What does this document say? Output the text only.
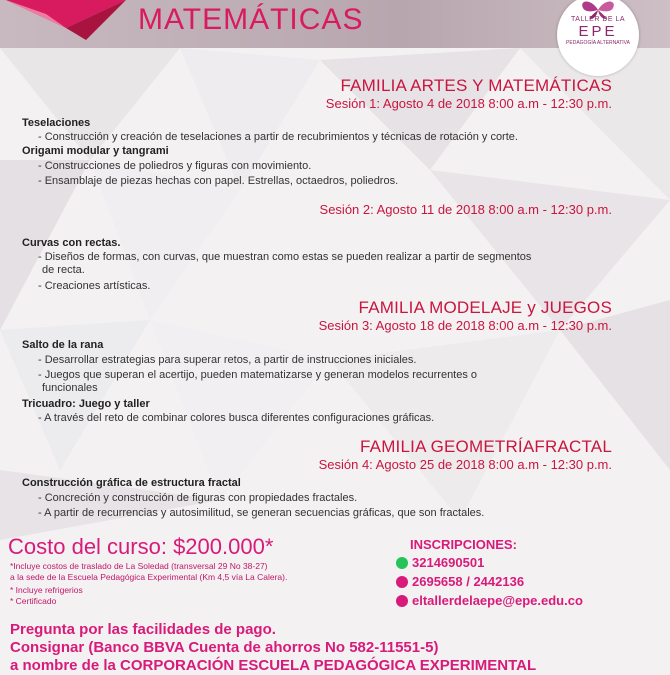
MATEMÁTICAS	TALLER DE LA
EPE
PEDAGOGÍA ALTERNATIVA
FAMILIA ARTES Y MATEMÁTICAS
Sesión 1: Agosto 4 de 2018 8:00 a.m - 12:30 p.m.
Teselaciones
- Construcción y creación de teselaciones a partir de recubrimientos y técnicas de rotación y corte.
Origami modular y tangrami
- Construcciones de poliedros y figuras con movimiento.
- Ensamblaje de piezas hechas con papel. Estrellas, octaedros, poliedros.
Sesión 2: Agosto 11 de 2018 8:00 a.m - 12:30 p.m.
Curvas con rectas.
- Diseños de formas, con curvas, que muestran como estas se pueden realizar a partir de segmentos
de recta.
- Creaciones artísticas.
FAMILIA MODELAJE y JUEGOS
Sesión 3: Agosto 18 de 2018 8:00 a.m - 12:30 p.m.
Salto de la rana
- Desarrollar estrategias para superar retos, a partir de instrucciones iniciales.
- Juegos que superan el acertijo, pueden matematizarse y generan modelos recurrentes o
funcionales
Tricuadro: Juego y taller
- A través del reto de combinar colores busca diferentes configuraciones gráficas.
FAMILIA GEOMETRÍAFRACTAL
Sesión 4: Agosto 25 de 2018 8:00 a.m - 12:30 p.m.
Construcción gráfica de estructura fractal
- Concreción y construcción de figuras con propiedades fractales.
- A partir de recurrencias y autosimilitud, se generan secuencias gráficas, que son fractales.
Costo del curso: $200.000*
*Incluye costos de traslado de La Soledad (transversal 29 No 38-27)
a la sede de la Escuela Pedagógica Experimental (Km 4,5 vía La Calera).
* Incluye refrigerios
* Certificado
INSCRIPCIONES:
3214690501
2695658 / 2442136
eltallerdelaepe@epe.edu.co
Pregunta por las facilidades de pago.
Consignar (Banco BBVA Cuenta de ahorros No 582-11551-5)
a nombre de la CORPORACIÓN ESCUELA PEDAGÓGICA EXPERIMENTAL
